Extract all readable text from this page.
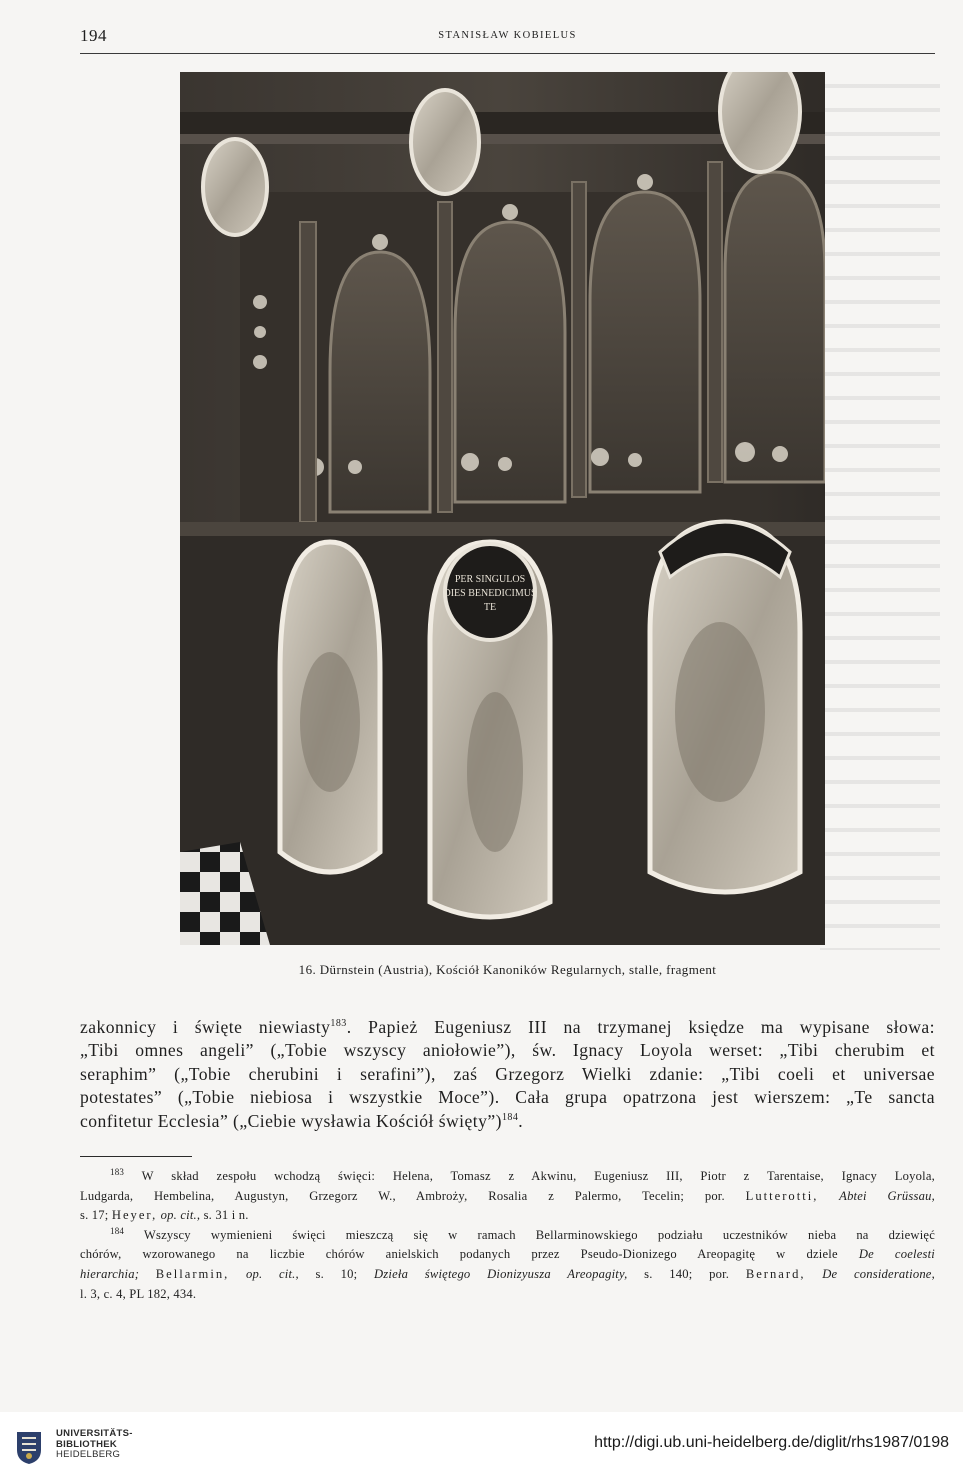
194	STANISŁAW KOBIELUS
PER SINGULOS
DIES BENEDICIMUS
TE
16. Dürnstein (Austria), Kościół Kanoników Regularnych, stalle, fragment
zakonnicy i święte niewiasty$^{183}$. Papież Eugeniusz III na trzymanej księdze ma wypisane słowa:
„Tibi omnes angeli” („Tobie wszyscy aniołowie”), św. Ignacy Loyola werset: „Tibi cherubim et
seraphim” („Tobie cherubini i serafini”), zaś Grzegorz Wielki zdanie: „Tibi coeli et universae
potestates” („Tobie niebiosa i wszystkie Moce”). Cała grupa opatrzona jest wierszem: „Te sancta
confitetur Ecclesia” („Ciebie wysławia Kościół święty”)$^{184}$.
$^{183}$ W skład zespołu wchodzą święci: Helena, Tomasz z Akwinu, Eugeniusz III, Piotr z Tarentaise, Ignacy Loyola,
Ludgarda, Hembelina, Augustyn, Grzegorz W., Ambroży, Rosalia z Palermo, Tecelin; por. Lutterotti, Abtei Grüssau,
s. 17; Heyer, op. cit., s. 31 i n.
$^{184}$ Wszyscy wymienieni święci mieszczą się w ramach Bellarminowskiego podziału uczestników nieba na dziewięć
chórów, wzorowanego na liczbie chórów anielskich podanych przez Pseudo-Dionizego Areopagitę w dziele De coelesti
hierarchia; Bellarmin, op. cit., s. 10; Dzieła świętego Dionizyusza Areopagity, s. 140; por. Bernard, De consideratione,
l. 3, c. 4, PL 182, 434.
UNIVERSITÄTS-
BIBLIOTHEK
HEIDELBERG
http://digi.ub.uni-heidelberg.de/diglit/rhs1987/0198
